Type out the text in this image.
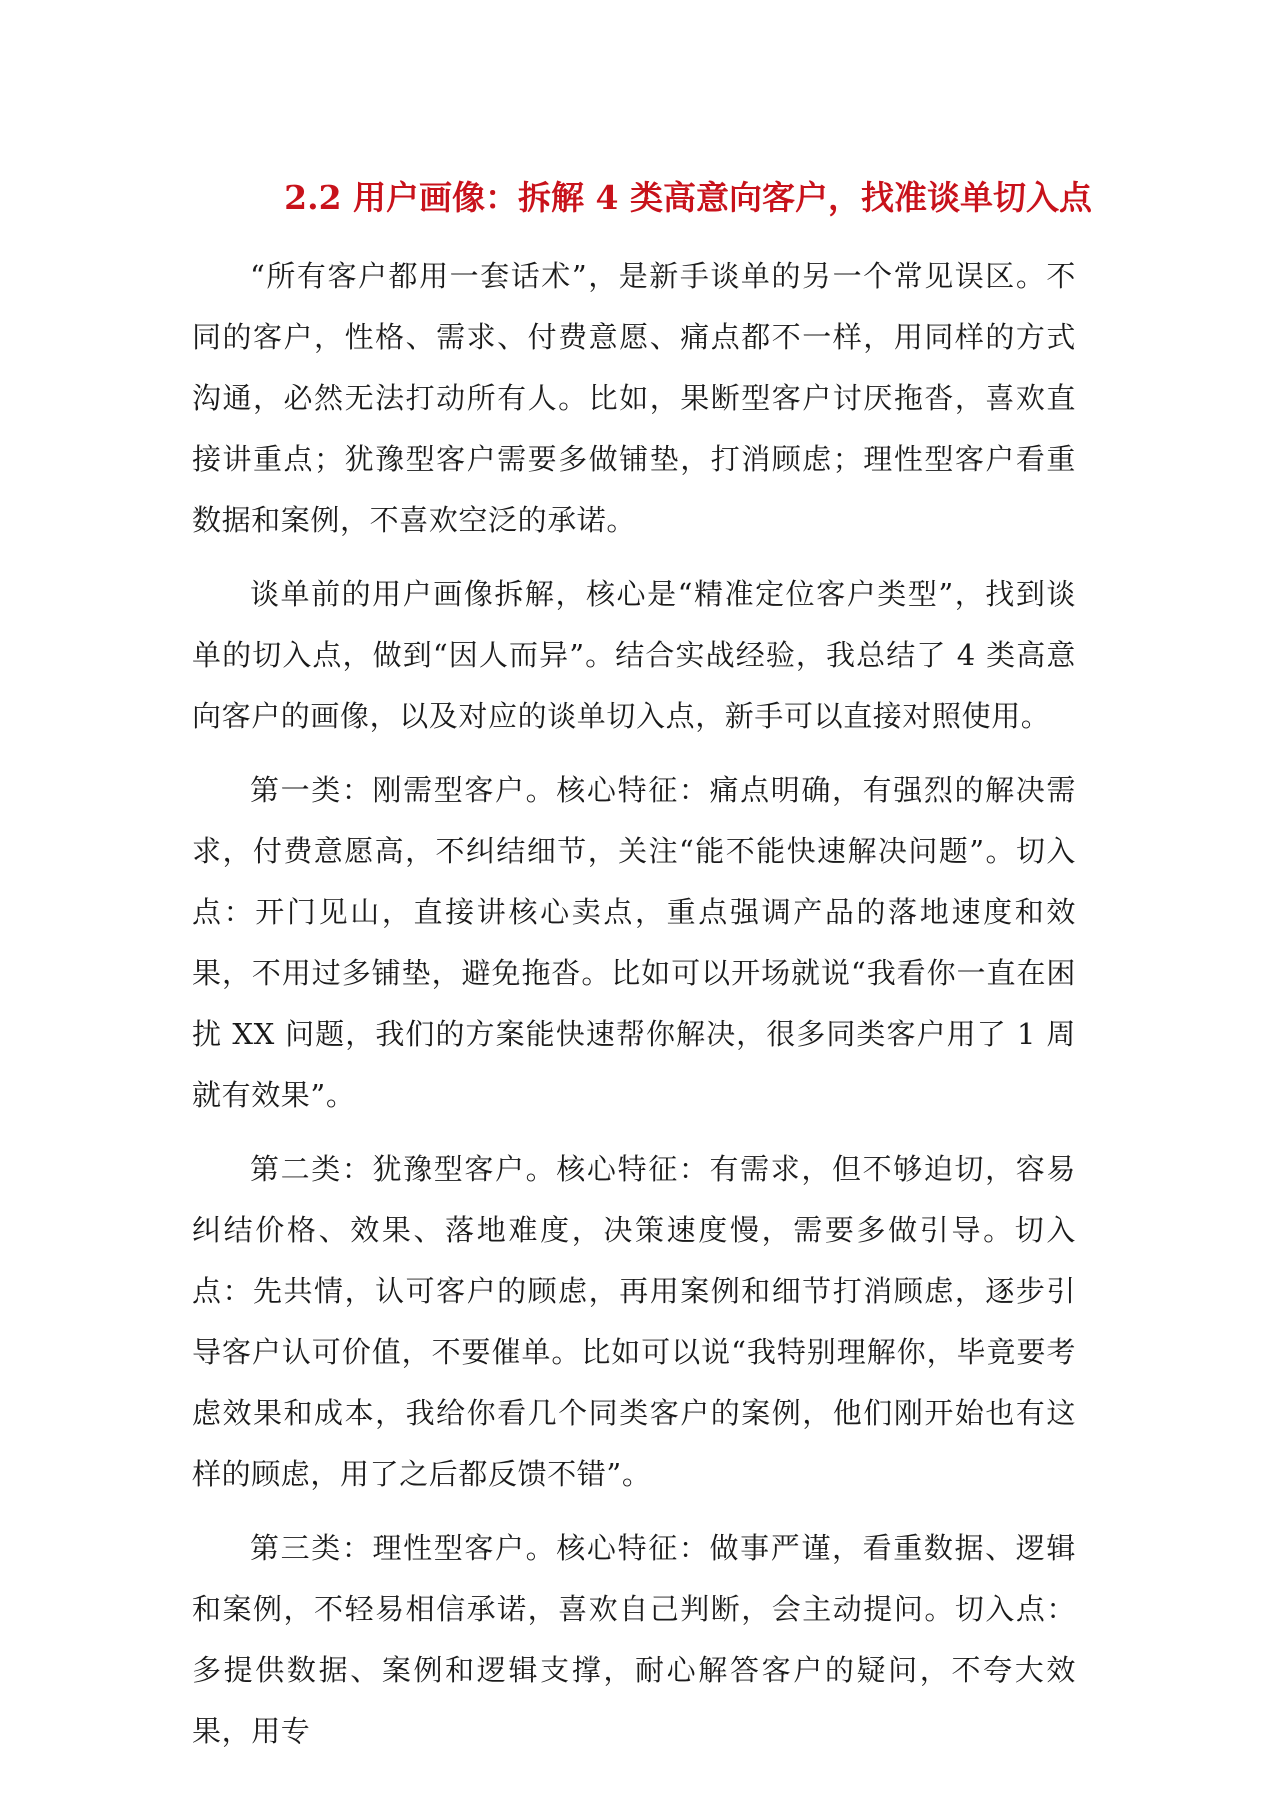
2.2 用户画像：拆解 4 类高意向客户，找准谈单切入点

“所有客户都用一套话术”，是新手谈单的另一个常见误区。不同的客户，性格、需求、付费意愿、痛点都不一样，用同样的方式沟通，必然无法打动所有人。比如，果断型客户讨厌拖沓，喜欢直接讲重点；犹豫型客户需要多做铺垫，打消顾虑；理性型客户看重数据和案例，不喜欢空泛的承诺。

谈单前的用户画像拆解，核心是“精准定位客户类型”，找到谈单的切入点，做到“因人而异”。结合实战经验，我总结了 4 类高意向客户的画像，以及对应的谈单切入点，新手可以直接对照使用。

第一类：刚需型客户。核心特征：痛点明确，有强烈的解决需求，付费意愿高，不纠结细节，关注“能不能快速解决问题”。切入点：开门见山，直接讲核心卖点，重点强调产品的落地速度和效果，不用过多铺垫，避免拖沓。比如可以开场就说“我看你一直在困扰 XX 问题，我们的方案能快速帮你解决，很多同类客户用了 1 周就有效果”。

第二类：犹豫型客户。核心特征：有需求，但不够迫切，容易纠结价格、效果、落地难度，决策速度慢，需要多做引导。切入点：先共情，认可客户的顾虑，再用案例和细节打消顾虑，逐步引导客户认可价值，不要催单。比如可以说“我特别理解你，毕竟要考虑效果和成本，我给你看几个同类客户的案例，他们刚开始也有这样的顾虑，用了之后都反馈不错”。

第三类：理性型客户。核心特征：做事严谨，看重数据、逻辑和案例，不轻易相信承诺，喜欢自己判断，会主动提问。切入点：多提供数据、案例和逻辑支撑，耐心解答客户的疑问，不夸大效果，用专
